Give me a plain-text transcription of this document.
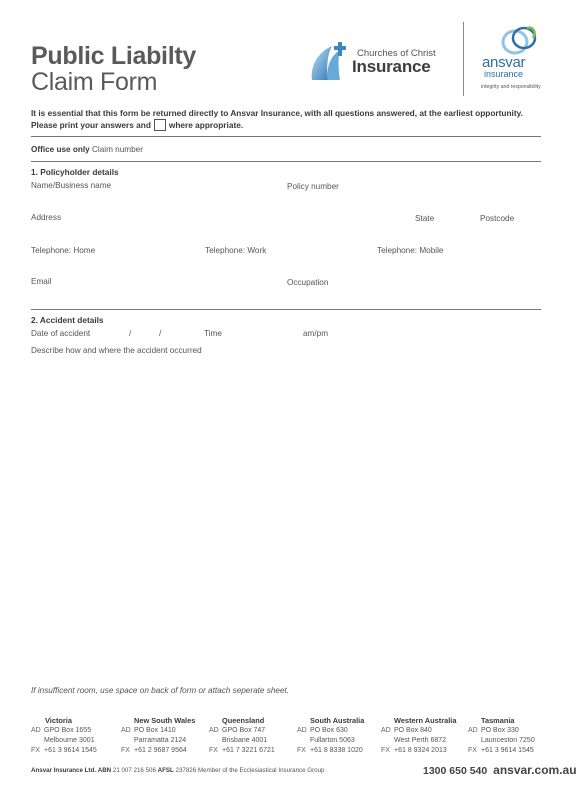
Public Liabilty
Claim Form
Churches of Christ
Insurance	ansvar
insurance
integrity and responsibility
It is essential that this form be returned directly to Ansvar Insurance, with all questions answered, at the earliest opportunity.
Please print your answers and where appropriate.
Office use only Claim number
1. Policyholder details
Name/Business name	Policy number
Address	State	Postcode
Telephone: Home	Telephone: Work	Telephone: Mobile
Email	Occupation
2. Accident details
Date of accident	/	/	Time	am/pm
Describe how and where the accident occurred
If insufficent room, use space on back of form or attach seperate sheet.
Victoria
AD GPO Box 1655
Melbourne 3001
FX +61 3 9614 1545
New South Wales
AD PO Box 1410
Parramatta 2124
FX +61 2 9687 9564
Queensland
AD GPO Box 747
Brisbane 4001
FX +61 7 3221 6721
South Australia
AD PO Box 630
Fullarton 5063
FX +61 8 8338 1020
Western Australia
AD PO Box 840
West Perth 6872
FX +61 8 9324 2013
Tasmania
AD PO Box 330
Launceston 7250
FX +61 3 9614 1545
Ansvar Insurance Ltd. ABN 21 007 216 506 AFSL 237826 Member of the Ecclesiastical Insurance Group	1300 650 540 ansvar.com.au
